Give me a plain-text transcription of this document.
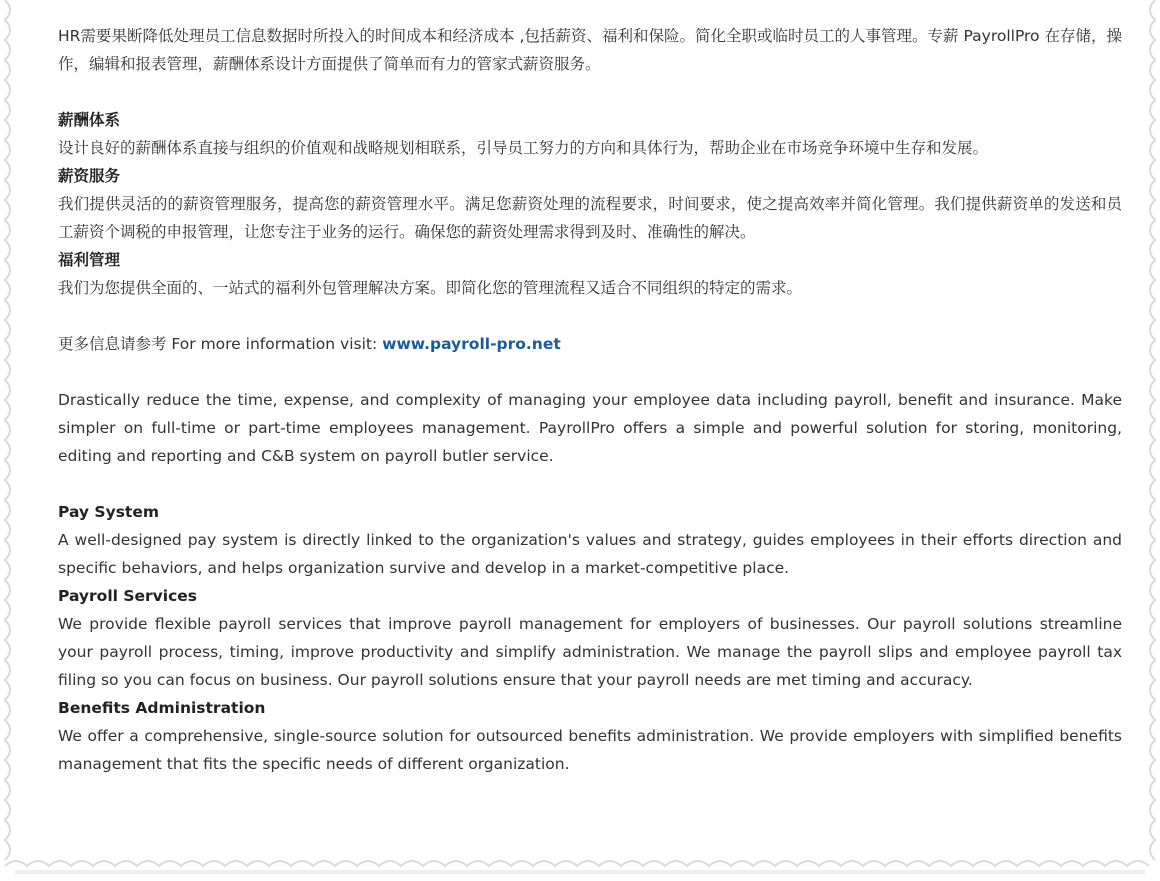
HR需要果断降低处理员工信息数据时所投入的时间成本和经济成本 ,包括薪资、福利和保险。简化全职或临时员工的人事管理。专薪 PayrollPro 在存储，操作，编辑和报表管理，薪酬体系设计方面提供了简单而有力的管家式薪资服务。

薪酬体系

设计良好的薪酬体系直接与组织的价值观和战略规划相联系，引导员工努力的方向和具体行为，帮助企业在市场竞争环境中生存和发展。

薪资服务

我们提供灵活的的薪资管理服务，提高您的薪资管理水平。满足您薪资处理的流程要求，时间要求，使之提高效率并简化管理。我们提供薪资单的发送和员工薪资个调税的申报管理，让您专注于业务的运行。确保您的薪资处理需求得到及时、准确性的解决。

福利管理

我们为您提供全面的、一站式的福利外包管理解决方案。即简化您的管理流程又适合不同组织的特定的需求。

更多信息请参考 For more information visit: www.payroll-pro.net

Drastically reduce the time, expense, and complexity of managing your employee data including payroll, benefit and insurance. Make simpler on full-time or part-time employees management. PayrollPro offers a simple and powerful solution for storing, monitoring, editing and reporting and C&B system on payroll butler service.

Pay System

A well-designed pay system is directly linked to the organization's values and strategy, guides employees in their efforts direction and specific behaviors, and helps organization survive and develop in a market-competitive place.

Payroll Services

We provide flexible payroll services that improve payroll management for employers of businesses. Our payroll solutions streamline your payroll process, timing, improve productivity and simplify administration. We manage the payroll slips and employee payroll tax filing so you can focus on business. Our payroll solutions ensure that your payroll needs are met timing and accuracy.

Benefits Administration

We offer a comprehensive, single-source solution for outsourced benefits administration. We provide employers with simplified benefits management that fits the specific needs of different organization.
